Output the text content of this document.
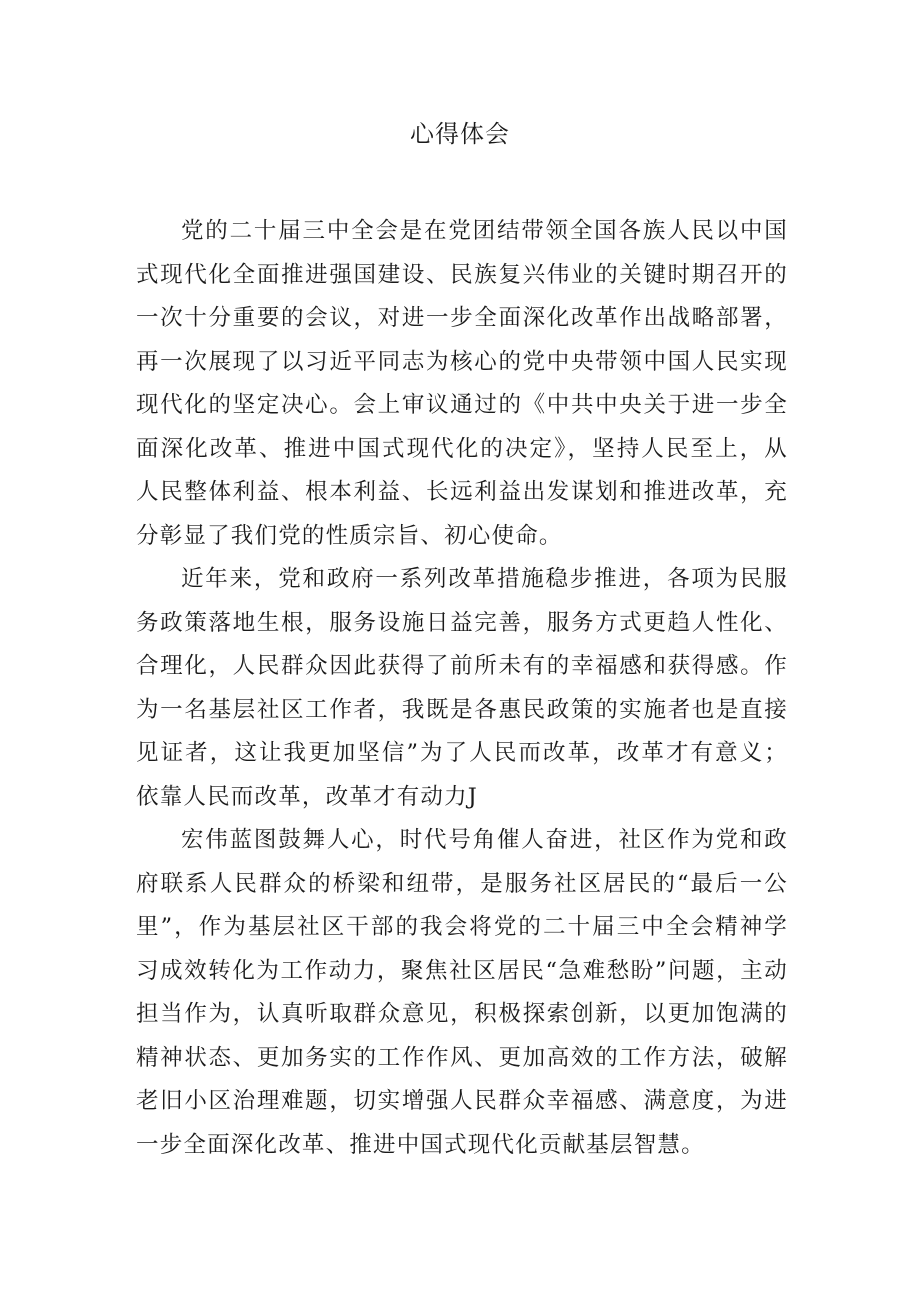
心得体会

党的二十届三中全会是在党团结带领全国各族人民以中国式现代化全面推进强国建设、民族复兴伟业的关键时期召开的一次十分重要的会议，对进一步全面深化改革作出战略部署，再一次展现了以习近平同志为核心的党中央带领中国人民实现现代化的坚定决心。会上审议通过的《中共中央关于进一步全面深化改革、推进中国式现代化的决定》，坚持人民至上，从人民整体利益、根本利益、长远利益出发谋划和推进改革，充分彰显了我们党的性质宗旨、初心使命。

近年来，党和政府一系列改革措施稳步推进，各项为民服务政策落地生根，服务设施日益完善，服务方式更趋人性化、合理化，人民群众因此获得了前所未有的幸福感和获得感。作为一名基层社区工作者，我既是各惠民政策的实施者也是直接见证者，这让我更加坚信”为了人民而改革，改革才有意义；依靠人民而改革，改革才有动力J

宏伟蓝图鼓舞人心，时代号角催人奋进，社区作为党和政府联系人民群众的桥梁和纽带，是服务社区居民的“最后一公里”，作为基层社区干部的我会将党的二十届三中全会精神学习成效转化为工作动力，聚焦社区居民“急难愁盼”问题，主动担当作为，认真听取群众意见，积极探索创新，以更加饱满的精神状态、更加务实的工作作风、更加高效的工作方法，破解老旧小区治理难题，切实增强人民群众幸福感、满意度，为进一步全面深化改革、推进中国式现代化贡献基层智慧。
